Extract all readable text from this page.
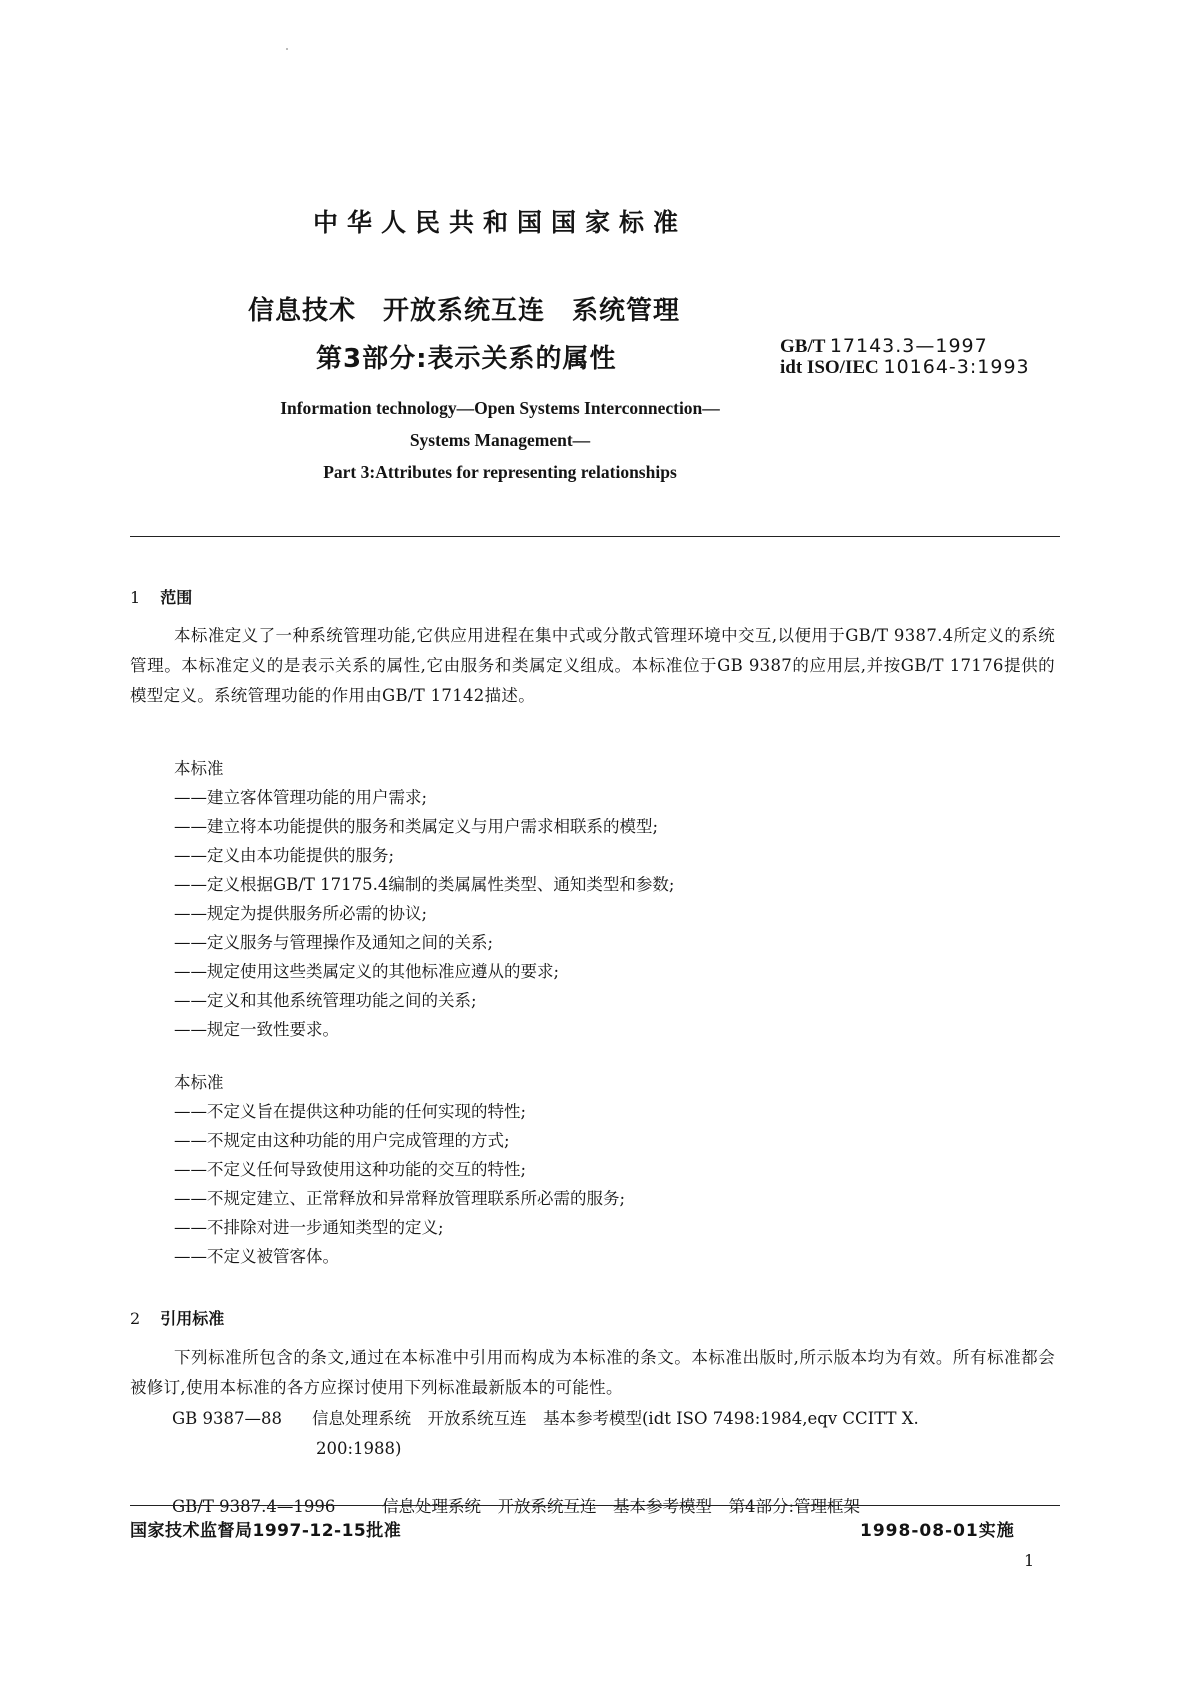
中华人民共和国国家标准
信息技术　开放系统互连　系统管理
第3部分:表示关系的属性	GB/T 17143.3—1997
idt ISO/IEC 10164-3:1993
Information technology—Open Systems Interconnection—
Systems Management—
Part 3:Attributes for representing relationships
1 范围
本标准定义了一种系统管理功能,它供应用进程在集中式或分散式管理环境中交互,以便用于GB/T 9387.4所定义的系统管理。本标准定义的是表示关系的属性,它由服务和类属定义组成。本标准位于GB 9387的应用层,并按GB/T 17176提供的模型定义。系统管理功能的作用由GB/T 17142描述。
本标准
——建立客体管理功能的用户需求;
——建立将本功能提供的服务和类属定义与用户需求相联系的模型;
——定义由本功能提供的服务;
——定义根据GB/T 17175.4编制的类属属性类型、通知类型和参数;
——规定为提供服务所必需的协议;
——定义服务与管理操作及通知之间的关系;
——规定使用这些类属定义的其他标准应遵从的要求;
——定义和其他系统管理功能之间的关系;
——规定一致性要求。
本标准
——不定义旨在提供这种功能的任何实现的特性;
——不规定由这种功能的用户完成管理的方式;
——不定义任何导致使用这种功能的交互的特性;
——不规定建立、正常释放和异常释放管理联系所必需的服务;
——不排除对进一步通知类型的定义;
——不定义被管客体。
2 引用标准
下列标准所包含的条文,通过在本标准中引用而构成为本标准的条文。本标准出版时,所示版本均为有效。所有标准都会被修订,使用本标准的各方应探讨使用下列标准最新版本的可能性。
GB 9387—88 信息处理系统　开放系统互连　基本参考模型(idt ISO 7498:1984,eqv CCITT X.
200:1988)
GB/T 9387.4—1996	信息处理系统　开放系统互连　基本参考模型　第4部分:管理框架
国家技术监督局1997-12-15批准	1998-08-01实施
1
